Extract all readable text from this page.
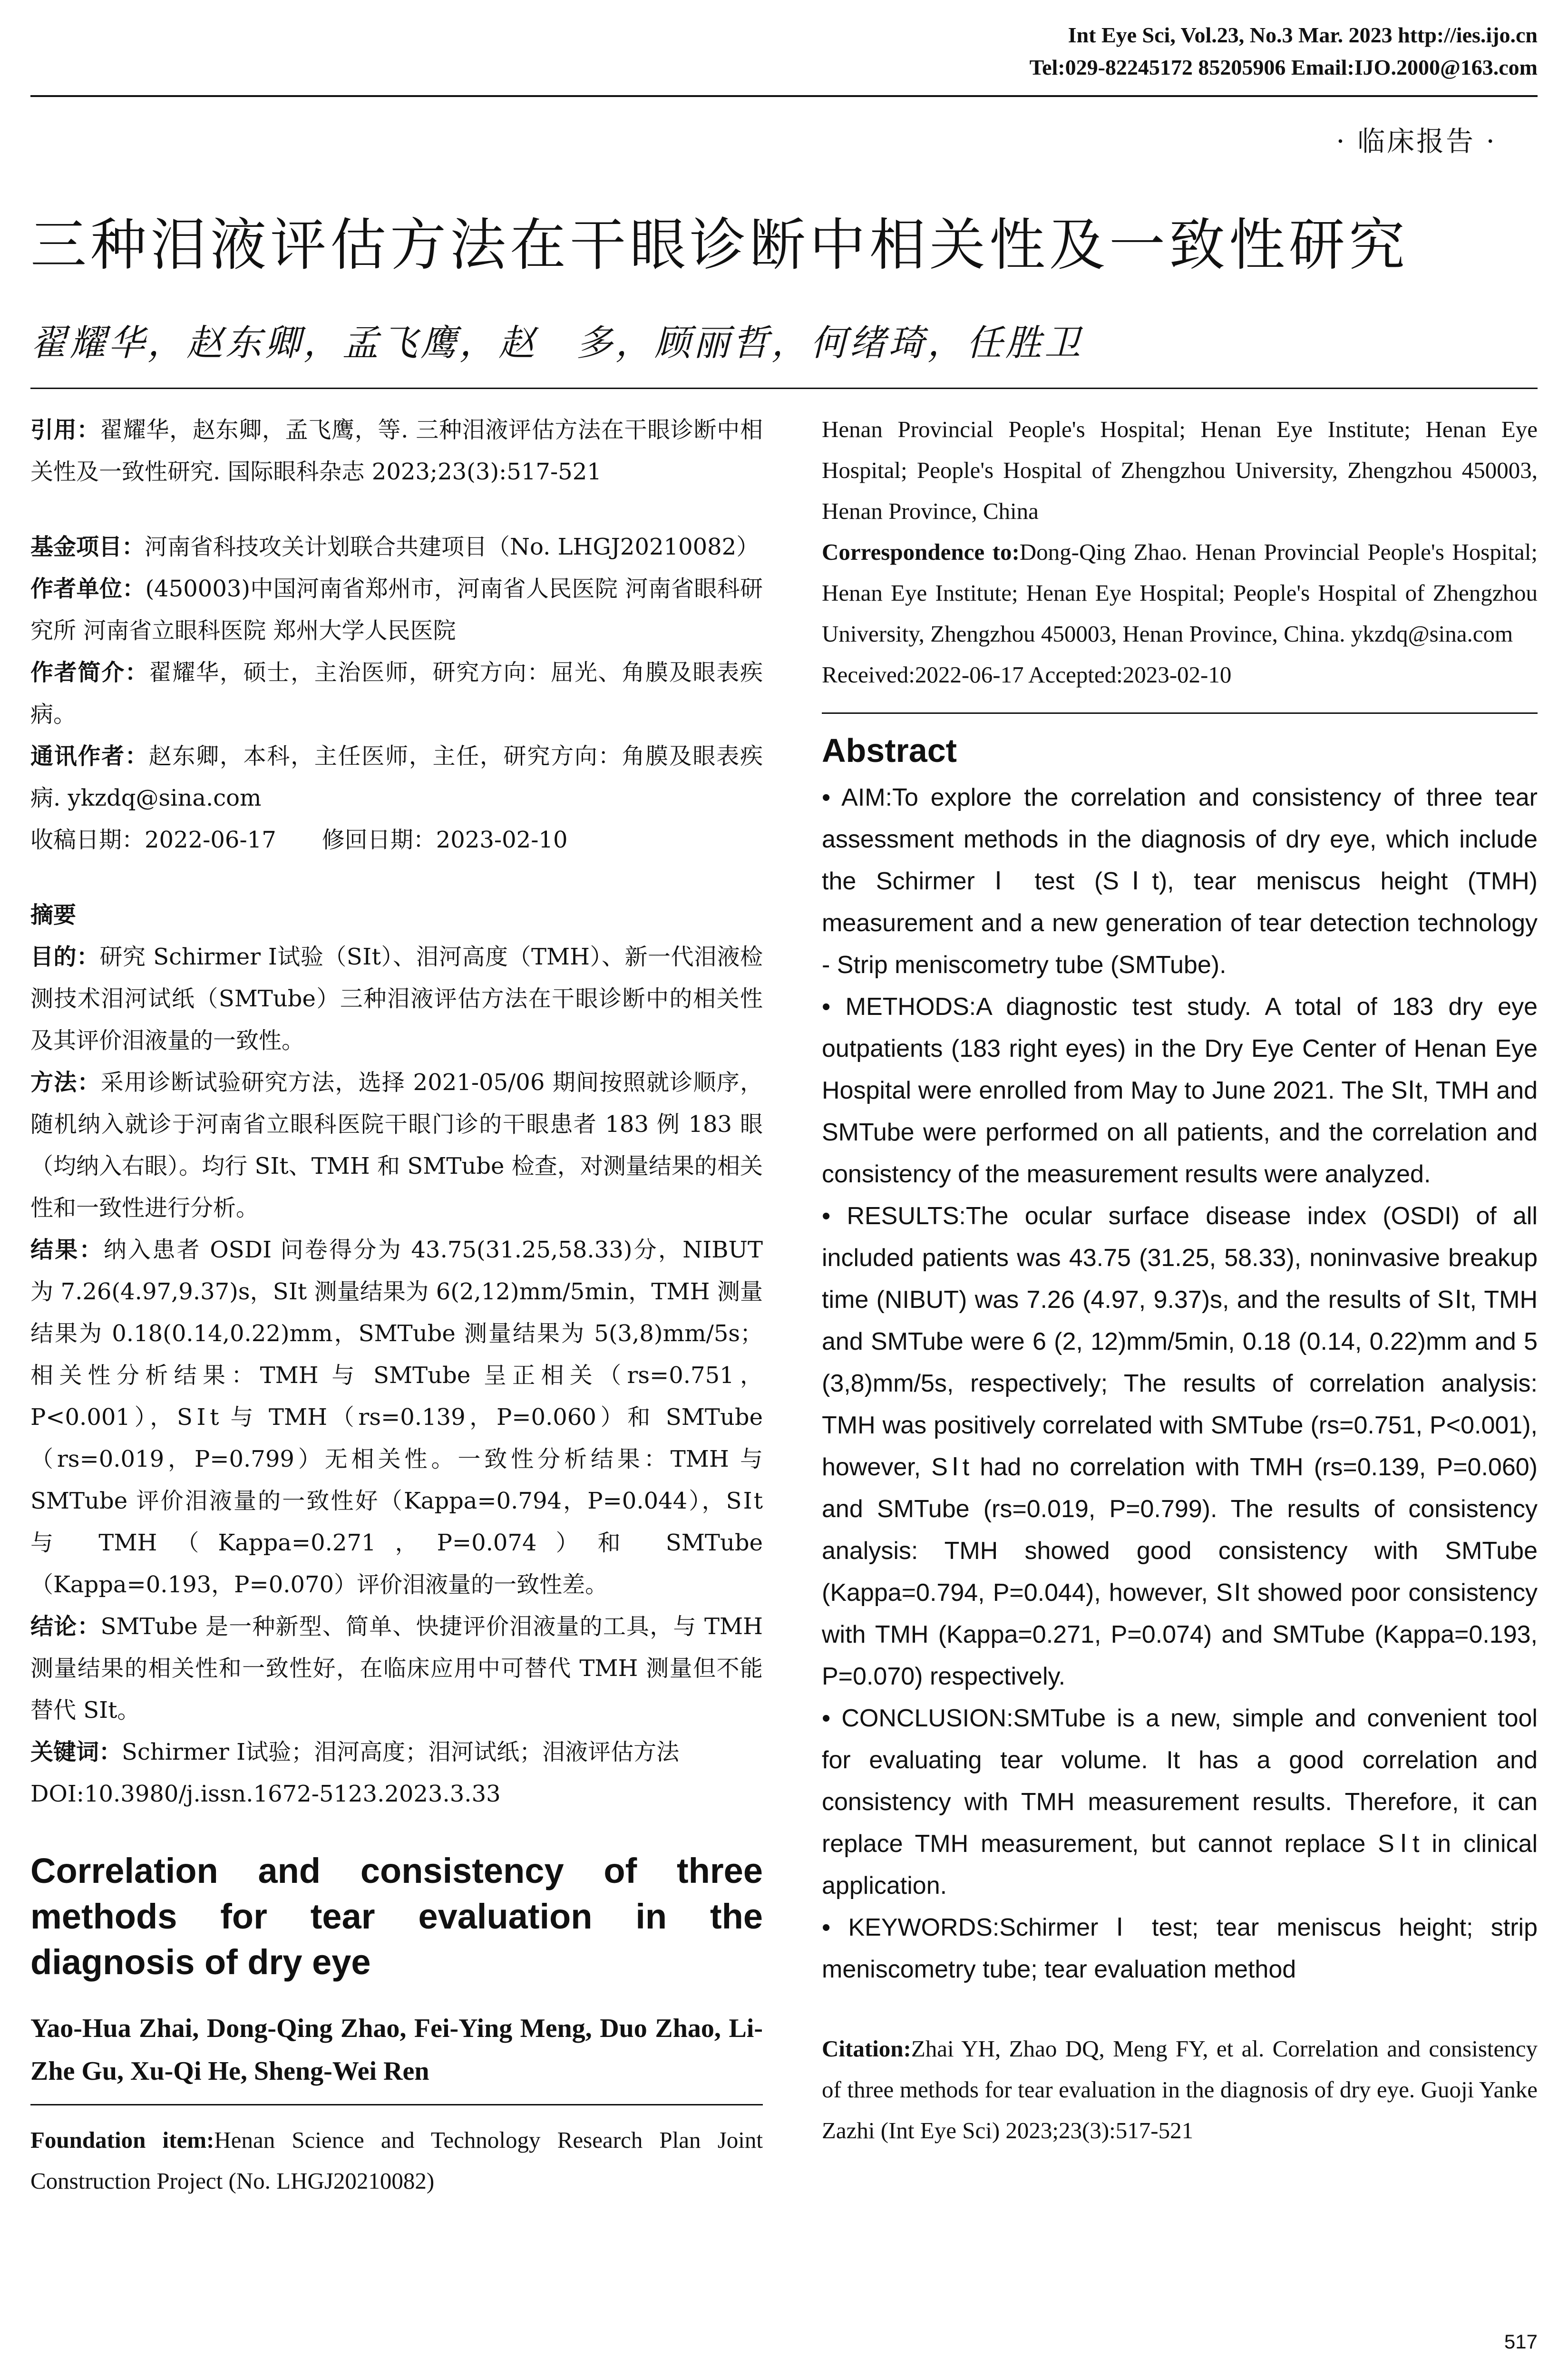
Int Eye Sci, Vol.23, No.3 Mar. 2023 http://ies.ijo.cn
Tel:029-82245172 85205906 Email:IJO.2000@163.com
· 临床报告 ·
三种泪液评估方法在干眼诊断中相关性及一致性研究
翟耀华，赵东卿，孟飞鹰，赵　多，顾丽哲，何绪琦，任胜卫

引用：翟耀华，赵东卿，孟飞鹰，等. 三种泪液评估方法在干眼诊断中相关性及一致性研究. 国际眼科杂志 2023;23(3):517-521

基金项目：河南省科技攻关计划联合共建项目（No. LHGJ20210082）

作者单位：(450003)中国河南省郑州市，河南省人民医院 河南省眼科研究所 河南省立眼科医院 郑州大学人民医院

作者简介：翟耀华，硕士，主治医师，研究方向：屈光、角膜及眼表疾病。

通讯作者：赵东卿，本科，主任医师，主任，研究方向：角膜及眼表疾病. ykzdq@sina.com

收稿日期：2022-06-17　　修回日期：2023-02-10

摘要

目的：研究 Schirmer Ⅰ试验（SⅠt）、泪河高度（TMH）、新一代泪液检测技术泪河试纸（SMTube）三种泪液评估方法在干眼诊断中的相关性及其评价泪液量的一致性。

方法：采用诊断试验研究方法，选择 2021-05/06 期间按照就诊顺序，随机纳入就诊于河南省立眼科医院干眼门诊的干眼患者 183 例 183 眼（均纳入右眼）。均行 SⅠt、TMH 和 SMTube 检查，对测量结果的相关性和一致性进行分析。

结果：纳入患者 OSDI 问卷得分为 43.75(31.25,58.33)分，NIBUT 为 7.26(4.97,9.37)s，SⅠt 测量结果为 6(2,12)mm/5min，TMH 测量结果为 0.18(0.14,0.22)mm，SMTube 测量结果为 5(3,8)mm/5s；相关性分析结果：TMH 与 SMTube 呈正相关（rs=0.751，P<0.001），SⅠt 与 TMH（rs=0.139，P=0.060）和 SMTube（rs=0.019，P=0.799）无相关性。一致性分析结果：TMH 与 SMTube 评价泪液量的一致性好（Kappa=0.794，P=0.044），SⅠt 与 TMH（Kappa=0.271，P=0.074）和 SMTube（Kappa=0.193，P=0.070）评价泪液量的一致性差。

结论：SMTube 是一种新型、简单、快捷评价泪液量的工具，与 TMH 测量结果的相关性和一致性好，在临床应用中可替代 TMH 测量但不能替代 SⅠt。

关键词：Schirmer Ⅰ试验；泪河高度；泪河试纸；泪液评估方法

DOI:10.3980/j.issn.1672-5123.2023.3.33

Correlation and consistency of three methods for tear evaluation in the diagnosis of dry eye

Yao-Hua Zhai, Dong-Qing Zhao, Fei-Ying Meng, Duo Zhao, Li-Zhe Gu, Xu-Qi He, Sheng-Wei Ren

Foundation item:Henan Science and Technology Research Plan Joint Construction Project (No. LHGJ20210082)

Henan Provincial People's Hospital; Henan Eye Institute; Henan Eye Hospital; People's Hospital of Zhengzhou University, Zhengzhou 450003, Henan Province, China

Correspondence to:Dong-Qing Zhao. Henan Provincial People's Hospital; Henan Eye Institute; Henan Eye Hospital; People's Hospital of Zhengzhou University, Zhengzhou 450003, Henan Province, China. ykzdq@sina.com

Received:2022-06-17 Accepted:2023-02-10

Abstract

• AIM:To explore the correlation and consistency of three tear assessment methods in the diagnosis of dry eye, which include the Schirmer Ⅰ test (SⅠt), tear meniscus height (TMH) measurement and a new generation of tear detection technology - Strip meniscometry tube (SMTube).

• METHODS:A diagnostic test study. A total of 183 dry eye outpatients (183 right eyes) in the Dry Eye Center of Henan Eye Hospital were enrolled from May to June 2021. The SⅠt, TMH and SMTube were performed on all patients, and the correlation and consistency of the measurement results were analyzed.

• RESULTS:The ocular surface disease index (OSDI) of all included patients was 43.75 (31.25, 58.33), noninvasive breakup time (NIBUT) was 7.26 (4.97, 9.37)s, and the results of SⅠt, TMH and SMTube were 6 (2, 12)mm/5min, 0.18 (0.14, 0.22)mm and 5 (3,8)mm/5s, respectively; The results of correlation analysis: TMH was positively correlated with SMTube (rs=0.751, P<0.001), however, SⅠt had no correlation with TMH (rs=0.139, P=0.060) and SMTube (rs=0.019, P=0.799). The results of consistency analysis: TMH showed good consistency with SMTube (Kappa=0.794, P=0.044), however, SⅠt showed poor consistency with TMH (Kappa=0.271, P=0.074) and SMTube (Kappa=0.193, P=0.070) respectively.

• CONCLUSION:SMTube is a new, simple and convenient tool for evaluating tear volume. It has a good correlation and consistency with TMH measurement results. Therefore, it can replace TMH measurement, but cannot replace SⅠt in clinical application.

• KEYWORDS:Schirmer Ⅰ test; tear meniscus height; strip meniscometry tube; tear evaluation method

Citation:Zhai YH, Zhao DQ, Meng FY, et al. Correlation and consistency of three methods for tear evaluation in the diagnosis of dry eye. Guoji Yanke Zazhi (Int Eye Sci) 2023;23(3):517-521

517
